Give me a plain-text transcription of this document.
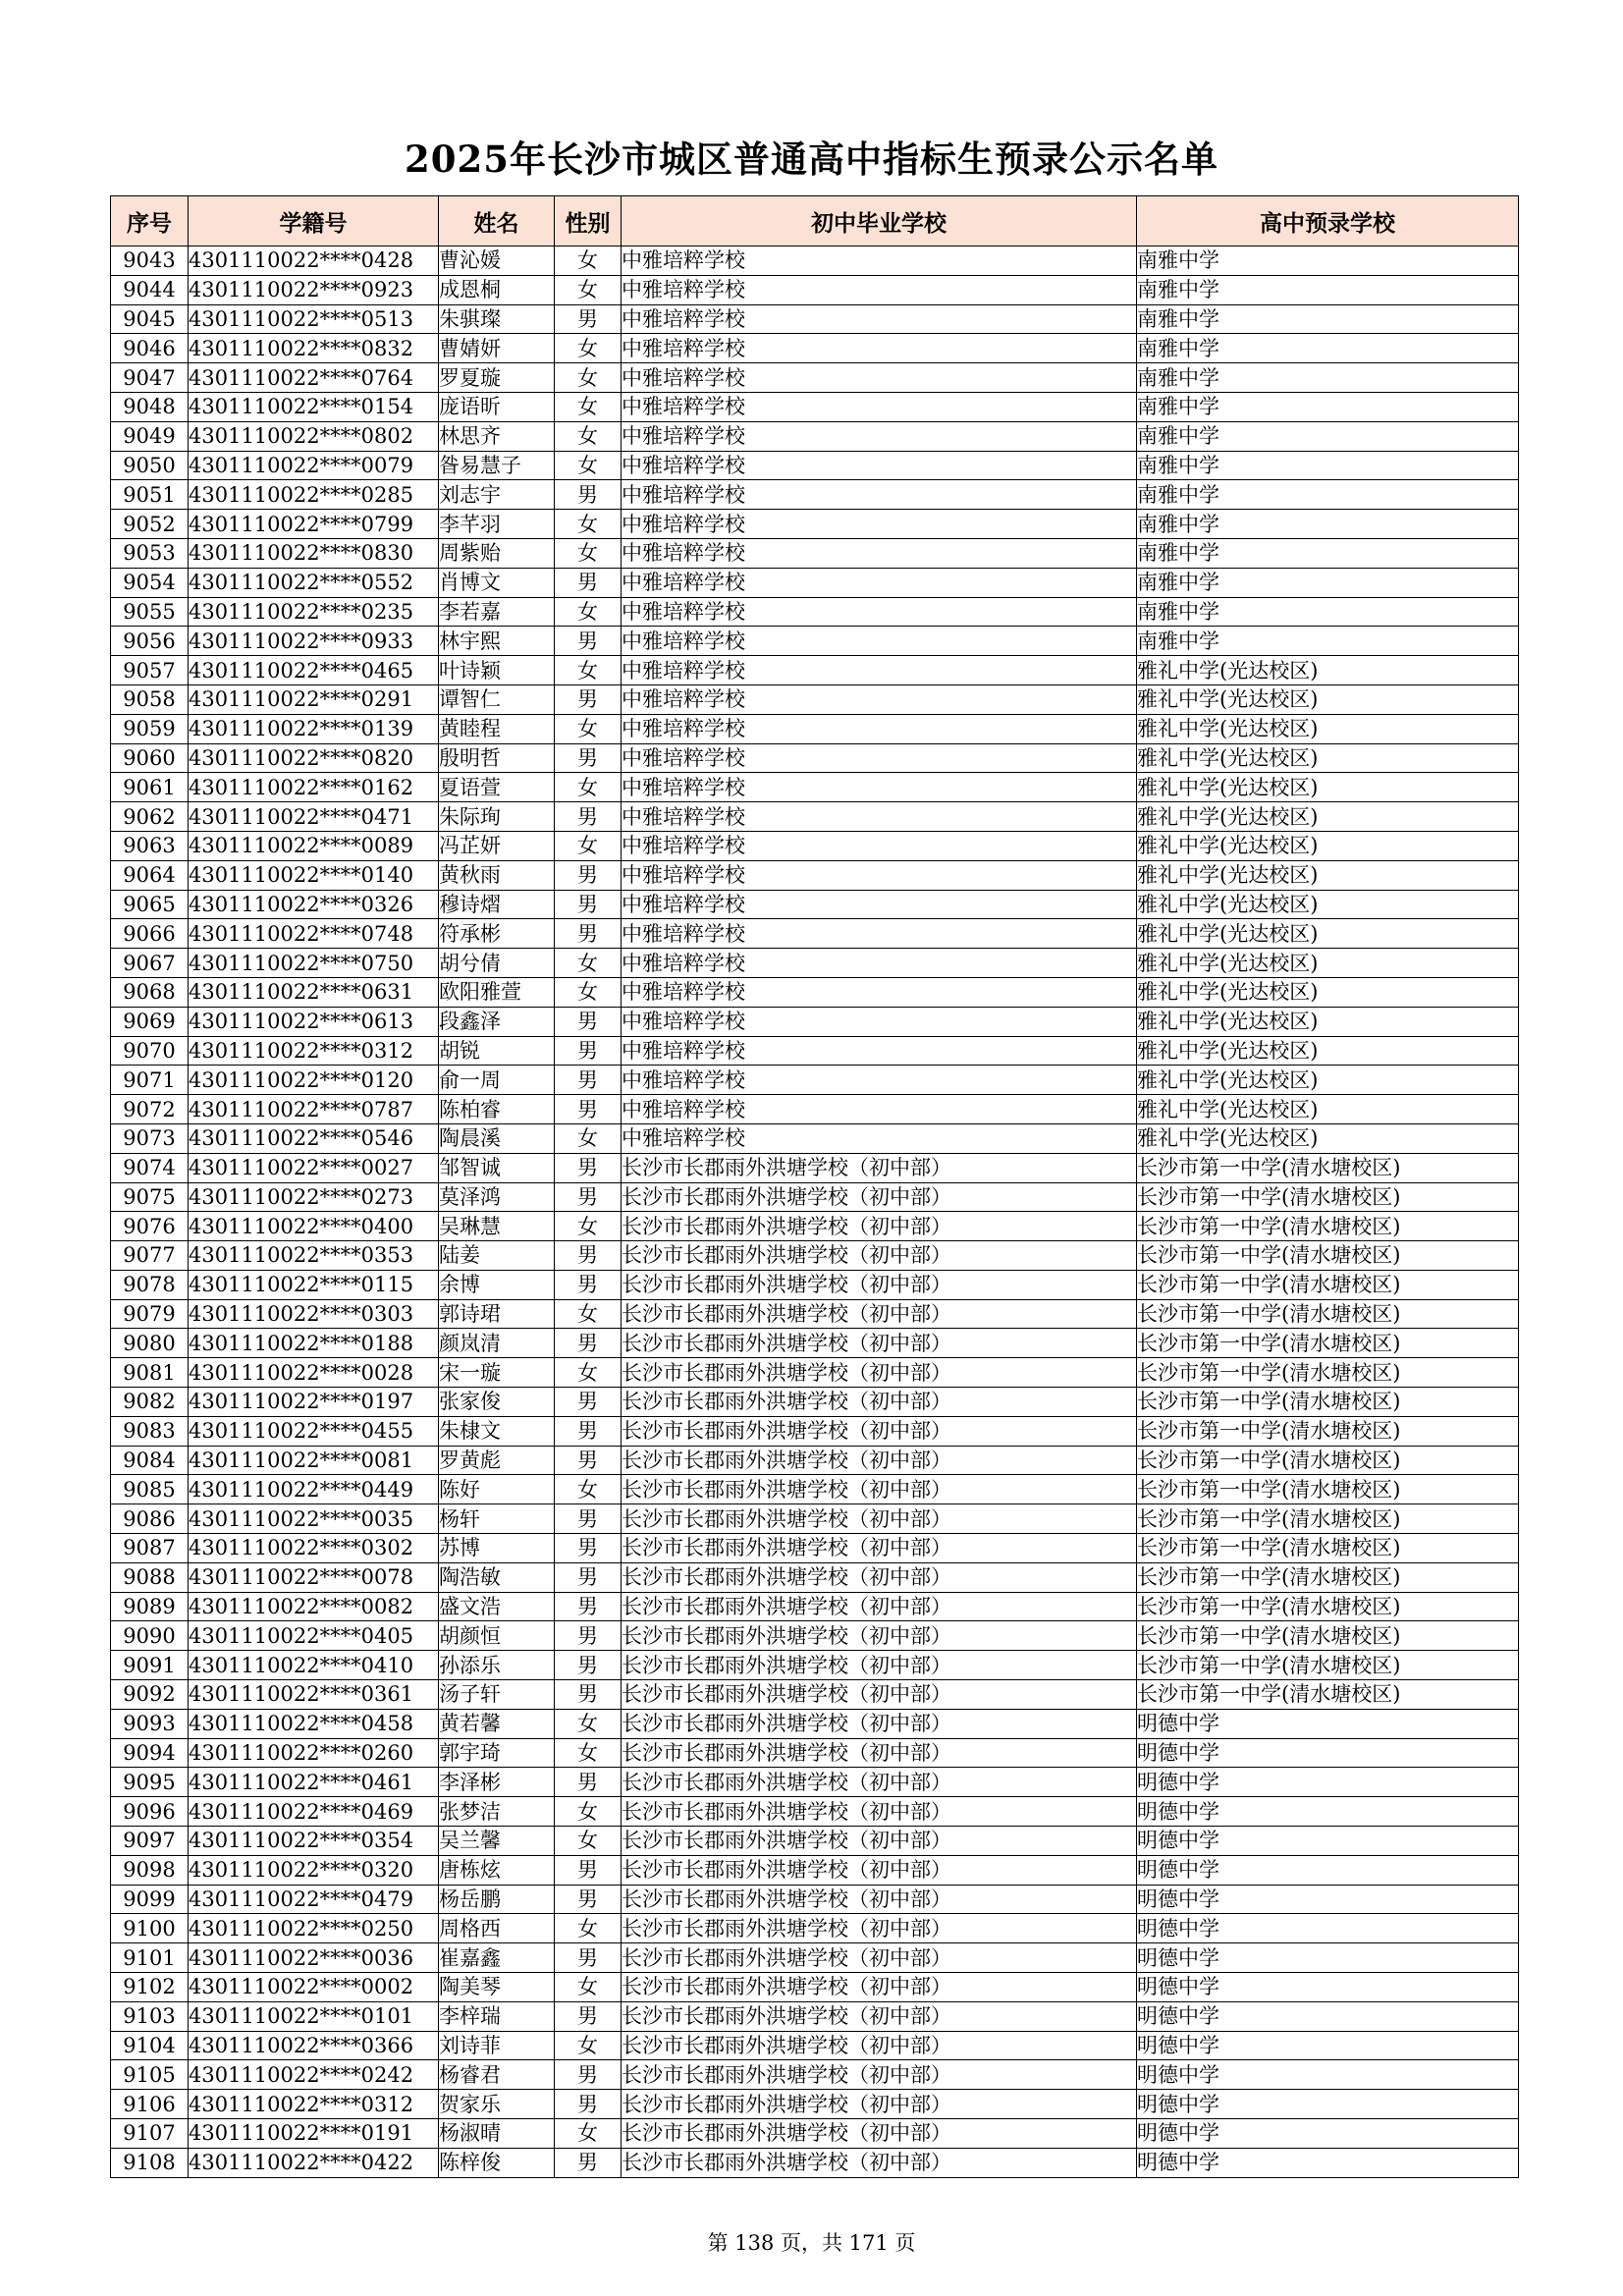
2025年长沙市城区普通高中指标生预录公示名单
序号	学籍号	姓名	性别	初中毕业学校	高中预录学校
9043	4301110022****0428	曹沁媛	女	中雅培粹学校	南雅中学
9044	4301110022****0923	成恩桐	女	中雅培粹学校	南雅中学
9045	4301110022****0513	朱骐璨	男	中雅培粹学校	南雅中学
9046	4301110022****0832	曹婧妍	女	中雅培粹学校	南雅中学
9047	4301110022****0764	罗夏璇	女	中雅培粹学校	南雅中学
9048	4301110022****0154	庞语昕	女	中雅培粹学校	南雅中学
9049	4301110022****0802	林思齐	女	中雅培粹学校	南雅中学
9050	4301110022****0079	昝易慧子	女	中雅培粹学校	南雅中学
9051	4301110022****0285	刘志宇	男	中雅培粹学校	南雅中学
9052	4301110022****0799	李芊羽	女	中雅培粹学校	南雅中学
9053	4301110022****0830	周紫贻	女	中雅培粹学校	南雅中学
9054	4301110022****0552	肖博文	男	中雅培粹学校	南雅中学
9055	4301110022****0235	李若嘉	女	中雅培粹学校	南雅中学
9056	4301110022****0933	林宇熙	男	中雅培粹学校	南雅中学
9057	4301110022****0465	叶诗颖	女	中雅培粹学校	雅礼中学(光达校区)
9058	4301110022****0291	谭智仁	男	中雅培粹学校	雅礼中学(光达校区)
9059	4301110022****0139	黄睦程	女	中雅培粹学校	雅礼中学(光达校区)
9060	4301110022****0820	殷明哲	男	中雅培粹学校	雅礼中学(光达校区)
9061	4301110022****0162	夏语萱	女	中雅培粹学校	雅礼中学(光达校区)
9062	4301110022****0471	朱际珣	男	中雅培粹学校	雅礼中学(光达校区)
9063	4301110022****0089	冯芷妍	女	中雅培粹学校	雅礼中学(光达校区)
9064	4301110022****0140	黄秋雨	男	中雅培粹学校	雅礼中学(光达校区)
9065	4301110022****0326	穆诗熠	男	中雅培粹学校	雅礼中学(光达校区)
9066	4301110022****0748	符承彬	男	中雅培粹学校	雅礼中学(光达校区)
9067	4301110022****0750	胡兮倩	女	中雅培粹学校	雅礼中学(光达校区)
9068	4301110022****0631	欧阳雅萱	女	中雅培粹学校	雅礼中学(光达校区)
9069	4301110022****0613	段鑫泽	男	中雅培粹学校	雅礼中学(光达校区)
9070	4301110022****0312	胡锐	男	中雅培粹学校	雅礼中学(光达校区)
9071	4301110022****0120	俞一周	男	中雅培粹学校	雅礼中学(光达校区)
9072	4301110022****0787	陈柏睿	男	中雅培粹学校	雅礼中学(光达校区)
9073	4301110022****0546	陶晨溪	女	中雅培粹学校	雅礼中学(光达校区)
9074	4301110022****0027	邹智诚	男	长沙市长郡雨外洪塘学校（初中部）	长沙市第一中学(清水塘校区)
9075	4301110022****0273	莫泽鸿	男	长沙市长郡雨外洪塘学校（初中部）	长沙市第一中学(清水塘校区)
9076	4301110022****0400	吴琳慧	女	长沙市长郡雨外洪塘学校（初中部）	长沙市第一中学(清水塘校区)
9077	4301110022****0353	陆姜	男	长沙市长郡雨外洪塘学校（初中部）	长沙市第一中学(清水塘校区)
9078	4301110022****0115	余博	男	长沙市长郡雨外洪塘学校（初中部）	长沙市第一中学(清水塘校区)
9079	4301110022****0303	郭诗珺	女	长沙市长郡雨外洪塘学校（初中部）	长沙市第一中学(清水塘校区)
9080	4301110022****0188	颜岚清	男	长沙市长郡雨外洪塘学校（初中部）	长沙市第一中学(清水塘校区)
9081	4301110022****0028	宋一璇	女	长沙市长郡雨外洪塘学校（初中部）	长沙市第一中学(清水塘校区)
9082	4301110022****0197	张家俊	男	长沙市长郡雨外洪塘学校（初中部）	长沙市第一中学(清水塘校区)
9083	4301110022****0455	朱棣文	男	长沙市长郡雨外洪塘学校（初中部）	长沙市第一中学(清水塘校区)
9084	4301110022****0081	罗黄彪	男	长沙市长郡雨外洪塘学校（初中部）	长沙市第一中学(清水塘校区)
9085	4301110022****0449	陈好	女	长沙市长郡雨外洪塘学校（初中部）	长沙市第一中学(清水塘校区)
9086	4301110022****0035	杨轩	男	长沙市长郡雨外洪塘学校（初中部）	长沙市第一中学(清水塘校区)
9087	4301110022****0302	苏博	男	长沙市长郡雨外洪塘学校（初中部）	长沙市第一中学(清水塘校区)
9088	4301110022****0078	陶浩敏	男	长沙市长郡雨外洪塘学校（初中部）	长沙市第一中学(清水塘校区)
9089	4301110022****0082	盛文浩	男	长沙市长郡雨外洪塘学校（初中部）	长沙市第一中学(清水塘校区)
9090	4301110022****0405	胡颜恒	男	长沙市长郡雨外洪塘学校（初中部）	长沙市第一中学(清水塘校区)
9091	4301110022****0410	孙添乐	男	长沙市长郡雨外洪塘学校（初中部）	长沙市第一中学(清水塘校区)
9092	4301110022****0361	汤子轩	男	长沙市长郡雨外洪塘学校（初中部）	长沙市第一中学(清水塘校区)
9093	4301110022****0458	黄若馨	女	长沙市长郡雨外洪塘学校（初中部）	明德中学
9094	4301110022****0260	郭宇琦	女	长沙市长郡雨外洪塘学校（初中部）	明德中学
9095	4301110022****0461	李泽彬	男	长沙市长郡雨外洪塘学校（初中部）	明德中学
9096	4301110022****0469	张梦洁	女	长沙市长郡雨外洪塘学校（初中部）	明德中学
9097	4301110022****0354	吴兰馨	女	长沙市长郡雨外洪塘学校（初中部）	明德中学
9098	4301110022****0320	唐栋炫	男	长沙市长郡雨外洪塘学校（初中部）	明德中学
9099	4301110022****0479	杨岳鹏	男	长沙市长郡雨外洪塘学校（初中部）	明德中学
9100	4301110022****0250	周格西	女	长沙市长郡雨外洪塘学校（初中部）	明德中学
9101	4301110022****0036	崔嘉鑫	男	长沙市长郡雨外洪塘学校（初中部）	明德中学
9102	4301110022****0002	陶美琴	女	长沙市长郡雨外洪塘学校（初中部）	明德中学
9103	4301110022****0101	李梓瑞	男	长沙市长郡雨外洪塘学校（初中部）	明德中学
9104	4301110022****0366	刘诗菲	女	长沙市长郡雨外洪塘学校（初中部）	明德中学
9105	4301110022****0242	杨睿君	男	长沙市长郡雨外洪塘学校（初中部）	明德中学
9106	4301110022****0312	贺家乐	男	长沙市长郡雨外洪塘学校（初中部）	明德中学
9107	4301110022****0191	杨淑晴	女	长沙市长郡雨外洪塘学校（初中部）	明德中学
9108	4301110022****0422	陈梓俊	男	长沙市长郡雨外洪塘学校（初中部）	明德中学
第 138 页，共 171 页
